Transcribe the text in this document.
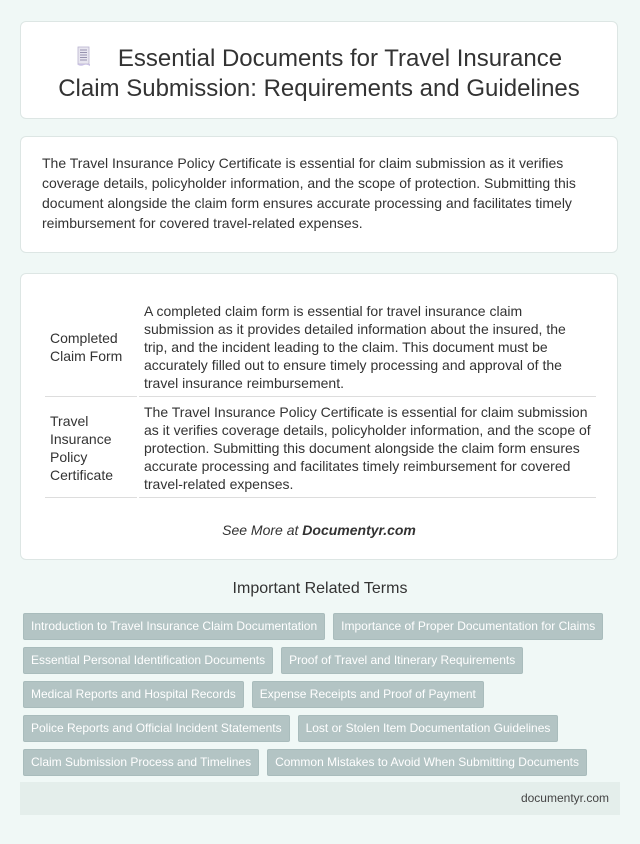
Essential Documents for Travel Insurance Claim Submission: Requirements and Guidelines
The Travel Insurance Policy Certificate is essential for claim submission as it verifies coverage details, policyholder information, and the scope of protection. Submitting this document alongside the claim form ensures accurate processing and facilitates timely reimbursement for covered travel-related expenses.
Completed Claim Form	A completed claim form is essential for travel insurance claim submission as it provides detailed information about the insured, the trip, and the incident leading to the claim. This document must be accurately filled out to ensure timely processing and approval of the travel insurance reimbursement.
Travel Insurance Policy Certificate	The Travel Insurance Policy Certificate is essential for claim submission as it verifies coverage details, policyholder information, and the scope of protection. Submitting this document alongside the claim form ensures accurate processing and facilitates timely reimbursement for covered travel-related expenses.
See More at Documentyr.com
Important Related Terms
Introduction to Travel Insurance Claim Documentation	Importance of Proper Documentation for Claims
Essential Personal Identification Documents	Proof of Travel and Itinerary Requirements
Medical Reports and Hospital Records	Expense Receipts and Proof of Payment
Police Reports and Official Incident Statements	Lost or Stolen Item Documentation Guidelines
Claim Submission Process and Timelines	Common Mistakes to Avoid When Submitting Documents
documentyr.com
